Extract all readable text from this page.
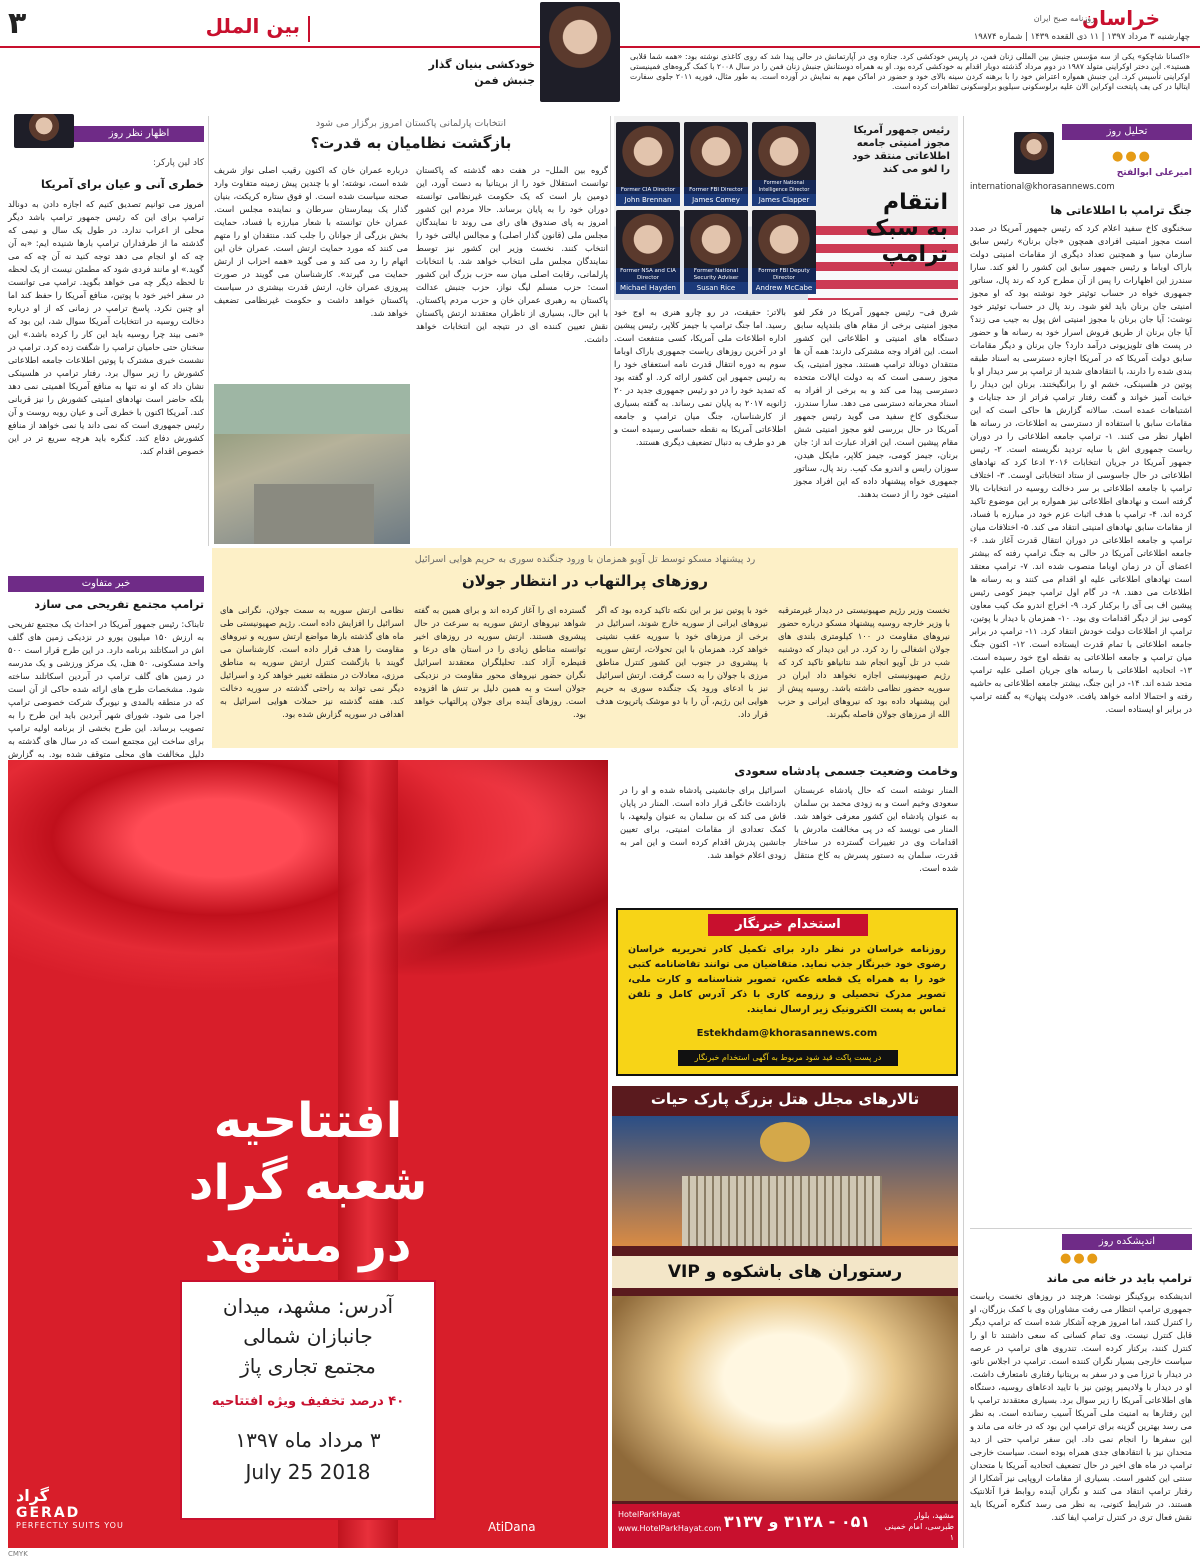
۳	بین الملل	خراسان
روزنامه صبح ایران
چهارشنبه ۳ مرداد ۱۳۹۷ | ۱۱ ذی القعده ۱۴۳۹ | شماره ۱۹۸۷۴
خودکشی بنیان گذار
جنبش فمن
«اکسانا شاچکو» یکی از سه مؤسس جنبش بین المللی زنان فمن، در پاریس خودکشی کرد. جنازه وی در آپارتمانش در حالی پیدا شد که روی کاغذی نوشته بود: «همه شما قلابی هستید». این دختر اوکراینی متولد ۱۹۸۷ در دوم مرداد گذشته دوبار اقدام به خودکشی کرده بود. او به همراه دوستانش جنبش زنان فمن را در سال ۲۰۰۸ با کمک گروه‌های فمینیستی اوکراینی تأسیس کرد. این جنبش همواره اعتراض خود را با برهنه کردن سینه بالای خود و حضور در اماکن مهم به نمایش در آورده است. به طور مثال، فوریه ۲۰۱۱ جلوی سفارت ایتالیا در کی یف پایتخت اوکراین الان علیه برلوسکونی سیلویو برلوسکونی تظاهرات کرده است.
تحلیل روز
●●●
امیرعلی ابوالفتح
international@khorasannews.com
جنگ ترامپ با اطلاعاتی ها
سخنگوی کاخ سفید اعلام کرد که رئیس جمهور آمریکا در صدد است مجوز امنیتی افرادی همچون «جان برنان» رئیس سابق سازمان سیا و همچنین تعداد دیگری از مقامات امنیتی دولت باراک اوباما و رئیس جمهور سابق این کشور را لغو کند. سارا سندرز این اظهارات را پس از آن مطرح کرد که رند پال، سناتور جمهوری خواه در حساب توئیتر خود نوشته بود که او مجوز امنیتی جان برنان باید لغو شود. رند پال در حساب توئیتر خود نوشت: آیا جان برنان با مجوز امنیتی اش پول به جیب می زند؟ آیا جان برنان از طریق فروش اسرار خود به رسانه ها و حضور در پست های تلویزیونی درآمد دارد؟ جان برنان و دیگر مقامات سابق دولت آمریکا که در آمریکا اجازه دسترسی به اسناد طبقه بندی شده را دارند، با انتقادهای شدید از ترامپ بر سر دیدار او با پوتین در هلسینکی، خشم او را برانگیختند. برنان این دیدار را خیانت آمیز خواند و گفت رفتار ترامپ فراتر از حد جنایات و اشتباهات عمده است. سالانه گزارش ها حاکی است که این مقامات سابق با استفاده از دسترسی به اطلاعات، در رسانه ها اظهار نظر می کنند. ۱- ترامپ جامعه اطلاعاتی را در دوران ریاست جمهوری اش با سایه تردید نگریسته است. ۲- رئیس جمهور آمریکا در جریان انتخابات ۲۰۱۶ ادعا کرد که نهادهای اطلاعاتی در حال جاسوسی از ستاد انتخاباتی اوست. ۳- اختلاف ترامپ با جامعه اطلاعاتی بر سر دخالت روسیه در انتخابات بالا گرفته است و نهادهای اطلاعاتی نیز همواره بر این موضوع تاکید کرده اند. ۴- ترامپ با هدف اثبات عزم خود در مبارزه با فساد، از مقامات سابق نهادهای امنیتی انتقاد می کند. ۵- اختلافات میان ترامپ و جامعه اطلاعاتی در دوران انتقال قدرت آغاز شد. ۶- جامعه اطلاعاتی آمریکا در حالی به جنگ ترامپ رفته که بیشتر اعضای آن در زمان اوباما منصوب شده اند. ۷- ترامپ معتقد است نهادهای اطلاعاتی علیه او اقدام می کنند و به رسانه ها اطلاعات می دهند. ۸- در گام اول ترامپ جیمز کومی رئیس پیشین اف بی آی را برکنار کرد. ۹- اخراج اندرو مک کیب معاون کومی نیز از دیگر اقدامات وی بود. ۱۰- همزمان با دیدار با پوتین، ترامپ از اطلاعات دولت خودش انتقاد کرد. ۱۱- ترامپ در برابر جامعه اطلاعاتی با تمام قدرت ایستاده است. ۱۲- اکنون جنگ میان ترامپ و جامعه اطلاعاتی به نقطه اوج خود رسیده است. ۱۳- اتحادیه اطلاعاتی با رسانه های جریان اصلی علیه ترامپ متحد شده اند. ۱۴- در این جنگ، بیشتر جامعه اطلاعاتی به حاشیه رفته و احتمالا ادامه خواهد یافت. «دولت پنهان» به گفته ترامپ در برابر او ایستاده است.
اندیشکده روز
●●●
ترامپ باید در خانه می ماند
اندیشکده بروکینگز نوشت: هرچند در روزهای نخست ریاست جمهوری ترامپ انتظار می رفت مشاوران وی با کمک بزرگان، او را کنترل کنند، اما امروز هرچه آشکار شده است که ترامپ دیگر قابل کنترل نیست. وی تمام کسانی که سعی داشتند تا او را کنترل کنند، برکنار کرده است. تندروی های ترامپ در عرصه سیاست خارجی بسیار نگران کننده است. ترامپ در اجلاس ناتو، در دیدار با ترزا می و در سفر به بریتانیا رفتاری نامتعارف داشت. او در دیدار با ولادیمیر پوتین نیز با تایید ادعاهای روسیه، دستگاه های اطلاعاتی آمریکا را زیر سوال برد. بسیاری معتقدند ترامپ با این رفتارها به امنیت ملی آمریکا آسیب رسانده است. به نظر می رسد بهترین گزینه برای ترامپ این بود که در خانه می ماند و این سفرها را انجام نمی داد. این سفر ترامپ حتی از دید متحدان نیز با انتقادهای جدی همراه بوده است. سیاست خارجی ترامپ در ماه های اخیر در حال تضعیف اتحادیه آمریکا با متحدان سنتی این کشور است. بسیاری از مقامات اروپایی نیز آشکارا از رفتار ترامپ انتقاد می کنند و نگران آینده روابط فرا آتلانتیک هستند. در شرایط کنونی، به نظر می رسد کنگره آمریکا باید نقش فعال تری در کنترل ترامپ ایفا کند.
رئیس جمهور آمریکا
مجوز امنیتی جامعه
اطلاعاتی منتقد خود
را لغو می کند
انتقام
به سبک
ترامپ
Former CIA Director
John Brennan
Former FBI Director
James Comey
Former National Intelligence Director
James Clapper
Former NSA and CIA Director
Michael Hayden
Former National Security Adviser
Susan Rice
Former FBI Deputy Director
Andrew McCabe
شرق فی– رئیس جمهور آمریکا در فکر لغو مجوز امنیتی برخی از مقام های بلندپایه سابق دستگاه های امنیتی و اطلاعاتی این کشور است. این افراد وجه مشترکی دارند: همه آن ها منتقدان دونالد ترامپ هستند. مجوز امنیتی، یک مجوز رسمی است که به دولت ایالات متحده دسترسی پیدا می کند و به برخی از افراد به اسناد محرمانه دسترسی می دهد. سارا سندرز، سخنگوی کاخ سفید می گوید رئیس جمهور آمریکا در حال بررسی لغو مجوز امنیتی شش مقام پیشین است. این افراد عبارت اند از: جان برنان، جیمز کومی، جیمز کلاپر، مایکل هیدن، سوزان رایس و اندرو مک کیب. رند پال، سناتور جمهوری خواه پیشنهاد داده که این افراد مجوز امنیتی خود را از دست بدهند.
بالاتر: حقیقت، در رو چارو هنری به اوج خود رسید. اما جنگ ترامپ با جیمز کلاپر، رئیس پیشین اداره اطلاعات ملی آمریکا، کسی منتفعت است. او در آخرین روزهای ریاست جمهوری باراک اوباما سوم به دوره انتقال قدرت نامه استعفای خود را به رئیس جمهور این کشور ارائه کرد. او گفته بود که تمدید خود را در دو رئیس جمهوری جدید در ۲۰ ژانویه ۲۰۱۷ به پایان نمی رساند. به گفته بسیاری از کارشناسان، جنگ میان ترامپ و جامعه اطلاعاتی آمریکا به نقطه حساسی رسیده است و هر دو طرف به دنبال تضعیف دیگری هستند.
انتخابات پارلمانی پاکستان امروز برگزار می شود
بازگشت نظامیان به قدرت؟
گروه بین الملل– در هفت دهه گذشته که پاکستان توانست استقلال خود را از بریتانیا به دست آورد، این دومین بار است که یک حکومت غیرنظامی توانسته دوران خود را به پایان برساند. حالا مردم این کشور امروز به پای صندوق های رای می روند تا نمایندگان مجلس ملی (قانون گذار اصلی) و مجالس ایالتی خود را انتخاب کنند. نخست وزیر این کشور نیز توسط نمایندگان مجلس ملی انتخاب خواهد شد. با انتخابات پارلمانی، رقابت اصلی میان سه حزب بزرگ این کشور است: حزب مسلم لیگ نواز، حزب جنبش عدالت پاکستان به رهبری عمران خان و حزب مردم پاکستان. با این حال، بسیاری از ناظران معتقدند ارتش پاکستان نقش تعیین کننده ای در نتیجه این انتخابات خواهد داشت.
درباره عمران خان که اکنون رقیب اصلی نواز شریف شده است، نوشته: او با چندین پیش زمینه متفاوت وارد صحنه سیاست شده است. او فوق ستاره کریکت، بنیان گذار یک بیمارستان سرطان و نماینده مجلس است. عمران خان توانسته با شعار مبارزه با فساد، حمایت بخش بزرگی از جوانان را جلب کند. منتقدان او را متهم می کنند که مورد حمایت ارتش است. عمران خان این اتهام را رد می کند و می گوید «همه احزاب از ارتش حمایت می گیرند». کارشناسان می گویند در صورت پیروزی عمران خان، ارتش قدرت بیشتری در سیاست پاکستان خواهد داشت و حکومت غیرنظامی تضعیف خواهد شد.
اظهار نظر روز
کاد لین پارکر:
خطری آنی و عیان برای آمریکا
امروز می توانیم تصدیق کنیم که اجازه دادن به دونالد ترامپ برای این که رئیس جمهور ترامپ باشد دیگر محلی از اعراب ندارد. در طول یک سال و نیمی که گذشته ما از طرفداران ترامپ بارها شنیده ایم: «به آن چه که او انجام می دهد توجه کنید نه آن چه که می گوید.» او مانند فردی شود که مطمئن نیست از یک لحظه تا لحظه دیگر چه می خواهد بگوید. ترامپ می توانست در سفر اخیر خود با پوتین، منافع آمریکا را حفظ کند اما او چنین نکرد. پاسخ ترامپ در زمانی که از او درباره دخالت روسیه در انتخابات آمریکا سوال شد، این بود که «نمی بیند چرا روسیه باید این کار را کرده باشد.» این سخنان حتی حامیان ترامپ را شگفت زده کرد. ترامپ در نشست خبری مشترک با پوتین اطلاعات جامعه اطلاعاتی کشورش را زیر سوال برد. رفتار ترامپ در هلسینکی نشان داد که او نه تنها به منافع آمریکا اهمیتی نمی دهد بلکه حاضر است نهادهای امنیتی کشورش را نیز قربانی کند. آمریکا اکنون با خطری آنی و عیان روبه روست و آن رئیس جمهوری است که نمی داند یا نمی خواهد از منافع کشورش دفاع کند. کنگره باید هرچه سریع تر در این خصوص اقدام کند.
خبر متفاوت
ترامپ مجتمع تفریحی می سازد
تابناک: رئیس جمهور آمریکا در احداث یک مجتمع تفریحی به ارزش ۱۵۰ میلیون یورو در نزدیکی زمین های گلف اش در اسکاتلند برنامه دارد. در این طرح قرار است ۵۰۰ واحد مسکونی، ۵۰ هتل، یک مرکز ورزشی و یک مدرسه در زمین های گلف ترامپ در آبردین اسکاتلند ساخته شود. مشخصات طرح های ارائه شده حاکی از آن است که در منطقه بالمدی و نیوبرگ شرکت خصوصی ترامپ اجرا می شود. شورای شهر آبردین باید این طرح را به تصویب برساند. این طرح بخشی از برنامه اولیه ترامپ برای ساخت این مجتمع است که در سال های گذشته به دلیل مخالفت های محلی متوقف شده بود. به گزارش
رد پیشنهاد مسکو توسط تل آویو همزمان با ورود جنگنده سوری به حریم هوایی اسرائیل
روزهای پرالتهاب در انتظار جولان
نخست وزیر رژیم صهیونیستی در دیدار غیرمترقبه با وزیر خارجه روسیه پیشنهاد مسکو درباره حضور نیروهای مقاومت در ۱۰۰ کیلومتری بلندی های جولان اشغالی را رد کرد. در این دیدار که دوشنبه شب در تل آویو انجام شد نتانیاهو تاکید کرد که رژیم صهیونیستی اجازه نخواهد داد ایران در سوریه حضور نظامی داشته باشد. روسیه پیش از این پیشنهاد داده بود که نیروهای ایرانی و حزب الله از مرزهای جولان فاصله بگیرند.
خود با پوتین نیز بر این نکته تاکید کرده بود که اگر نیروهای ایرانی از سوریه خارج شوند، اسرائیل در برخی از مرزهای خود با سوریه عقب نشینی خواهد کرد. همزمان با این تحولات، ارتش سوریه با پیشروی در جنوب این کشور کنترل مناطق مرزی با جولان را به دست گرفت. ارتش اسرائیل نیز با ادعای ورود یک جنگنده سوری به حریم هوایی این رژیم، آن را با دو موشک پاتریوت هدف قرار داد.
گسترده ای را آغاز کرده اند و برای همین به گفته شواهد نیروهای ارتش سوریه به سرعت در حال پیشروی هستند. ارتش سوریه در روزهای اخیر توانسته مناطق زیادی را در استان های درعا و قنیطره آزاد کند. تحلیلگران معتقدند اسرائیل نگران حضور نیروهای محور مقاومت در نزدیکی جولان است و به همین دلیل بر تنش ها افزوده است. روزهای آینده برای جولان پرالتهاب خواهد بود.
نظامی ارتش سوریه به سمت جولان، نگرانی های اسرائیل را افزایش داده است. رژیم صهیونیستی طی ماه های گذشته بارها مواضع ارتش سوریه و نیروهای مقاومت را هدف قرار داده است. کارشناسان می گویند با بازگشت کنترل ارتش سوریه به مناطق مرزی، معادلات در منطقه تغییر خواهد کرد و اسرائیل دیگر نمی تواند به راحتی گذشته در سوریه دخالت کند. هفته گذشته نیز حملات هوایی اسرائیل به اهدافی در سوریه گزارش شده بود.
وخامت وضعیت جسمی پادشاه سعودی
المنار نوشته است که حال پادشاه عربستان سعودی وخیم است و به زودی محمد بن سلمان به عنوان پادشاه این کشور معرفی خواهد شد. المنار می نویسد که در پی مخالفت مادرش با اقدامات وی در تغییرات گسترده در ساختار قدرت، سلمان به دستور پسرش به کاخ منتقل شده است.
اسرائیل برای جانشینی پادشاه شده و او را در بازداشت خانگی قرار داده است. المنار در پایان فاش می کند که بن سلمان به عنوان ولیعهد، با کمک تعدادی از مقامات امنیتی، برای تعیین جانشین پدرش اقدام کرده است و این امر به زودی اعلام خواهد شد.
استخدام خبرنگار
روزنامه خراسان در نظر دارد برای تکمیل کادر تحریریه خراسان رضوی خود خبرنگار جذب نماید. متقاضیان می توانند تقاضانامه کتبی خود را به همراه یک قطعه عکس، تصویر شناسنامه و کارت ملی، تصویر مدرک تحصیلی و رزومه کاری با ذکر آدرس کامل و تلفن تماس به پست الکترونیک زیر ارسال نمایند.
Estekhdam@khorasannews.com
در پست پاکت قید شود مربوط به آگهی استخدام خبرنگار
تالارهای مجلل هتل بزرگ پارک حیات
رستوران های باشکوه و VIP
HotelParkHayat
www.HotelParkHayat.com ۰۵۱ - ۳۱۳۸ و ۳۱۳۷	مشهد، بلوار طبرسی، امام خمینی ۱
افتتاحیه
شعبه گراد
در مشهد
آدرس: مشهد، میدان
جانبازان شمالی
مجتمع تجاری پاژ
۴۰ درصد تخفیف ویژه افتتاحیه
۳ مرداد ماه ۱۳۹۷
July 25 2018
گراد
GERAD
PERFECTLY SUITS YOU	AtiDana
CMYK
